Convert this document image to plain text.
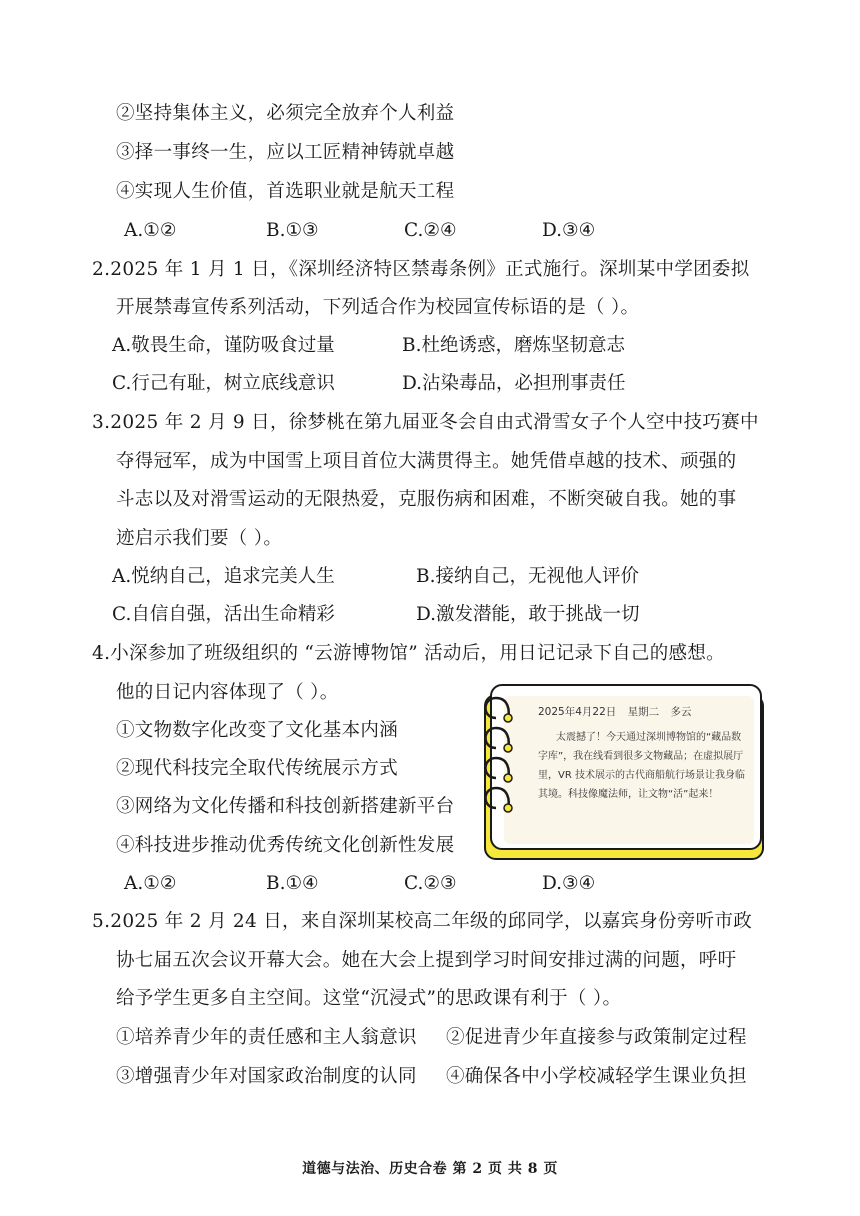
②坚持集体主义，必须完全放弃个人利益
③择一事终一生，应以工匠精神铸就卓越
④实现人生价值，首选职业就是航天工程
A.①②	B.①③	C.②④	D.③④
2.2025 年 1 月 1 日，《深圳经济特区禁毒条例》正式施行。深圳某中学团委拟
开展禁毒宣传系列活动，下列适合作为校园宣传标语的是（ ）。
A.敬畏生命，谨防吸食过量	B.杜绝诱惑，磨炼坚韧意志
C.行己有耻，树立底线意识	D.沾染毒品，必担刑事责任
3.2025 年 2 月 9 日，徐梦桃在第九届亚冬会自由式滑雪女子个人空中技巧赛中
夺得冠军，成为中国雪上项目首位大满贯得主。她凭借卓越的技术、顽强的
斗志以及对滑雪运动的无限热爱，克服伤病和困难，不断突破自我。她的事
迹启示我们要（ ）。
A.悦纳自己，追求完美人生	B.接纳自己，无视他人评价
C.自信自强，活出生命精彩	D.激发潜能，敢于挑战一切
4.小深参加了班级组织的 “云游博物馆” 活动后，用日记记录下自己的感想。
他的日记内容体现了（ ）。
①文物数字化改变了文化基本内涵
②现代科技完全取代传统展示方式
③网络为文化传播和科技创新搭建新平台
④科技进步推动优秀传统文化创新性发展
A.①②	B.①④	C.②③	D.③④
2025年4月22日 星期二 多云
太震撼了！今天通过深圳博物馆的“藏品数字库”，我在线看到很多文物藏品；在虚拟展厅里，VR 技术展示的古代商船航行场景让我身临其境。科技像魔法师，让文物“活”起来！
5.2025 年 2 月 24 日，来自深圳某校高二年级的邱同学，以嘉宾身份旁听市政
协七届五次会议开幕大会。她在大会上提到学习时间安排过满的问题，呼吁
给予学生更多自主空间。这堂“沉浸式”的思政课有利于（ ）。
①培养青少年的责任感和主人翁意识 ②促进青少年直接参与政策制定过程
③增强青少年对国家政治制度的认同 ④确保各中小学校减轻学生课业负担
道德与法治、历史合卷 第 2 页 共 8 页
